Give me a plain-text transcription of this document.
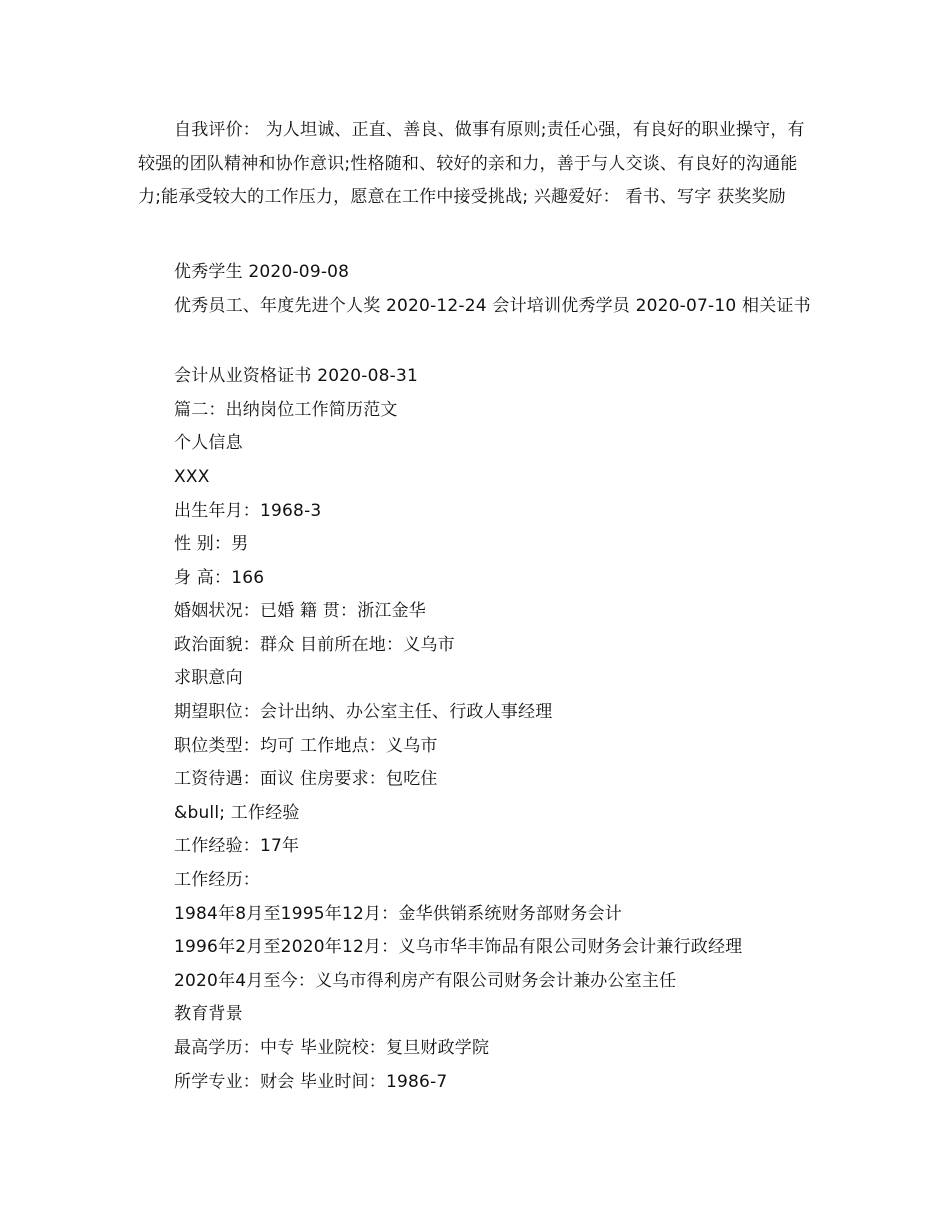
自我评价： 为人坦诚、正直、善良、做事有原则;责任心强，有良好的职业操守，有较强的团队精神和协作意识;性格随和、较好的亲和力，善于与人交谈、有良好的沟通能力;能承受较大的工作压力，愿意在工作中接受挑战; 兴趣爱好： 看书、写字 获奖奖励

优秀学生 2020-09-08

优秀员工、年度先进个人奖 2020-12-24 会计培训优秀学员 2020-07-10 相关证书

会计从业资格证书 2020-08-31

篇二：出纳岗位工作简历范文

个人信息

XXX

出生年月：1968-3

性 别：男

身 高：166

婚姻状况：已婚 籍 贯：浙江金华

政治面貌：群众 目前所在地：义乌市

求职意向

期望职位：会计出纳、办公室主任、行政人事经理

职位类型：均可 工作地点：义乌市

工资待遇：面议 住房要求：包吃住

&bull; 工作经验

工作经验：17年

工作经历：

1984年8月至1995年12月：金华供销系统财务部财务会计

1996年2月至2020年12月：义乌市华丰饰品有限公司财务会计兼行政经理

2020年4月至今：义乌市得利房产有限公司财务会计兼办公室主任

教育背景

最高学历：中专 毕业院校：复旦财政学院

所学专业：财会 毕业时间：1986-7
